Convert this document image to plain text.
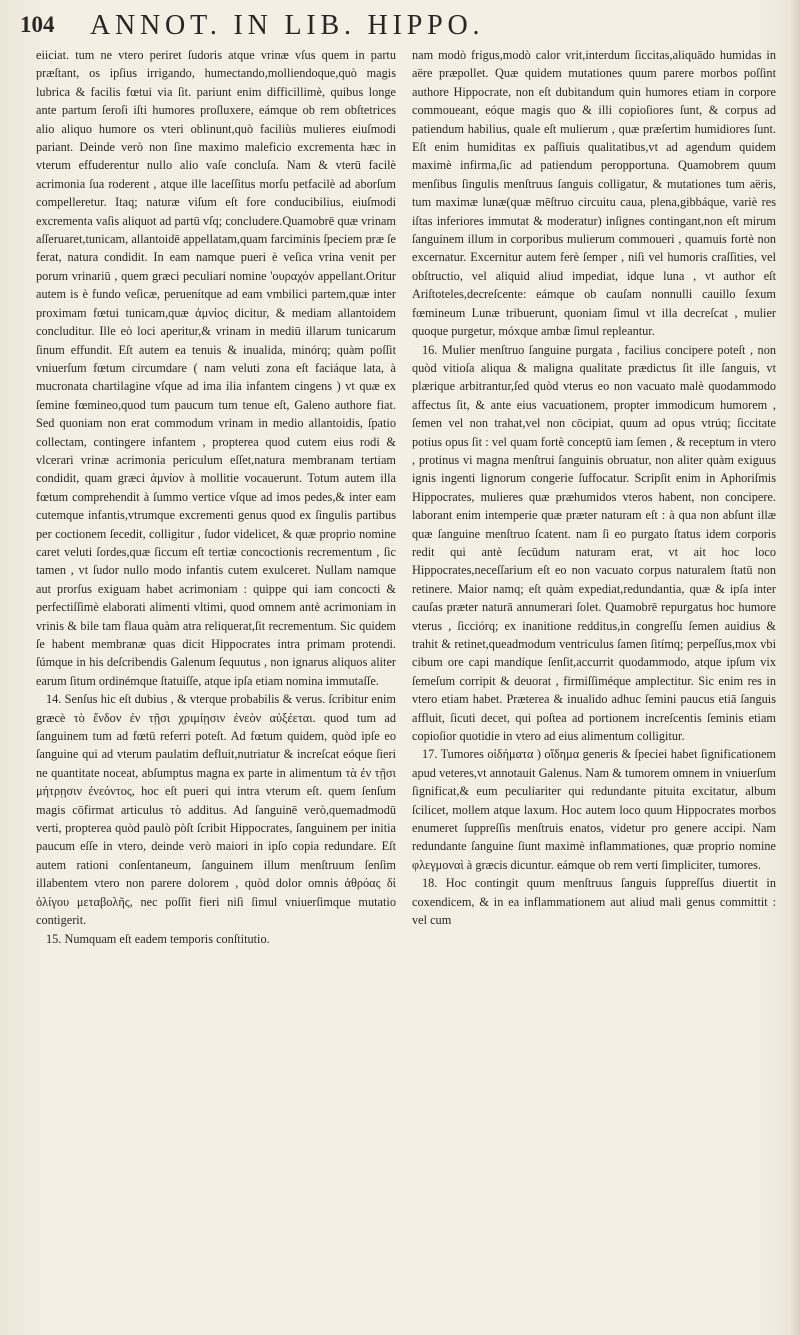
104 ANNOT. IN LIB. HIPPO.

eiiciat. tum ne vtero periret ſudoris atque vrinæ vſus quem in partu præſtant, os ipſius irrigando, humectando,molliendoque,quò magis lubrica & facilis fœtui via ſit. pariunt enim difficillimè, quibus longe ante partum ſeroſi iſti humores proſluxere, eámque ob rem obſtetrices alio aliquo humore os vteri oblinunt,quò faciliùs mulieres eiuſmodi pariant. Deinde verò non ſine maximo maleficio excrementa hæc in vterum effuderentur nullo alio vaſe concluſa. Nam & vterū facilè acrimonia ſua roderent , atque ille laceſſitus morſu petfacilè ad aborſum compelleretur. Itaq; naturæ viſum eſt fore conducibilius, eiuſmodi excrementa vaſis aliquot ad partū vſq; concludere.Quamobrē quæ vrinam aſſeruaret,tunicam, allantoidē appellatam,quam farciminis ſpeciem præ ſe ferat, natura condidit. In eam namque pueri è veſica vrina venit per porum vrinariū , quem græci peculiari nomine 'ουραχόν appellant.Oritur autem is è fundo veſicæ, peruenítque ad eam vmbilici partem,quæ inter proximam fœtui tunicam,quæ ἀμνίος dicitur, & mediam allantoidem concluditur. Ille eò loci aperitur,& vrinam in mediū illarum tunicarum ſinum effundit. Eſt autem ea tenuis & inualida, minórq; quàm poſſit vniuerſum fœtum circumdare ( nam veluti zona eſt faciáque lata, à mucronata chartilagine vſque ad ima ilia infantem cingens ) vt quæ ex ſemine fœmineo,quod tum paucum tum tenue eſt, Galeno authore fiat. Sed quoniam non erat commodum vrinam in medio allantoidis, ſpatio collectam, contingere infantem , propterea quod cutem eius rodi & vlcerari vrinæ acrimonia periculum eſſet,natura membranam tertiam condidit, quam græci ἀμνίον à mollitie vocauerunt. Totum autem illa fœtum comprehendit à ſummo vertice vſque ad imos pedes,& inter eam cutemque infantis,vtrumque excrementi genus quod ex ſingulis partibus per coctionem ſecedit, colligitur , ſudor videlicet, & quæ proprio nomine caret veluti ſordes,quæ ſiccum eſt tertiæ concoctionis recrementum , ſic tamen , vt ſudor nullo modo infantis cutem exulceret. Nullam namque aut prorſus exiguam habet acrimoniam : quippe qui iam concocti & perfectiſſimè elaborati alimenti vltimi, quod omnem antè acrimoniam in vrinis & bile tam flaua quàm atra reliquerat,ſit recrementum. Sic quidem ſe habent membranæ quas dicit Hippocrates intra primam protendi. ſúmque in his deſcribendis Galenum ſequutus , non ignarus aliquos aliter earum ſitum ordinémque ſtatuiſſe, atque ipſa etiam nomina immutaſſe.

14. Senſus hic eſt dubius , & vterque probabilis & verus. ſcribitur enim græcè τὸ ἔνδον ἐν τῇσι χριμίῃσιν ἐνεὸν αὐξέεται. quod tum ad ſanguinem tum ad fœtū referri poteſt. Ad fœtum quidem, quòd ipſe eo ſanguine qui ad vterum paulatim defluit,nutriatur & increſcat eóque ſieri ne quantitate noceat, abſumptus magna ex parte in alimentum τὰ ἐν τῇσι μήτρῃσιν ἐνεόντος, hoc eſt pueri qui intra vterum eſt. quem ſenſum magis cōfirmat articulus τὸ additus. Ad ſanguinē verò,quemadmodū verti, propterea quòd paulò pòſt ſcribit Hippocrates, ſanguinem per initia paucum eſſe in vtero, deinde verò maiori in ipſo copia redundare. Eſt autem rationi conſentaneum, ſanguinem illum menſtruum ſenſim illabentem vtero non parere dolorem , quòd dolor omnis ἀθρόας δἰ ὀλίγου μεταβολῆς, nec poſſit fieri niſi ſimul vniuerſimque mutatio contigerit.

15. Numquam eſt eadem temporis conſtitutio.

nam modò frigus,modò calor vrit,interdum ſiccitas,aliquādo humidas in aëre præpollet. Quæ quidem mutationes quum parere morbos poſſint authore Hippocrate, non eſt dubitandum quin humores etiam in corpore commoueant, eóque magis quo & illi copioſiores ſunt, & corpus ad patiendum habilius, quale eſt mulierum , quæ præſertim humidiores ſunt. Eſt enim humiditas ex paſſiuis qualitatibus,vt ad agendum quidem maximè infirma,ſic ad patiendum peropportuna. Quamobrem quum menſibus ſingulis menſtruus ſanguis colligatur, & mutationes tum aëris, tum maximæ lunæ(quæ mēſtruo circuitu caua, plena,gibbáque, variè res iſtas inferiores immutat & moderatur) inſignes contingant,non eſt mirum ſanguinem illum in corporibus mulierum commoueri , quamuis fortè non excernatur. Excernitur autem ferè ſemper , niſi vel humoris craſſities, vel obſtructio, vel aliquid aliud impediat, idque luna , vt author eſt Ariſtoteles,decreſcente: eámque ob cauſam nonnulli cauillo ſexum fœmineum Lunæ tribuerunt, quoniam ſimul vt illa decreſcat , mulier quoque purgetur, móxque ambæ ſimul repleantur.

16. Mulier menſtruo ſanguine purgata , facilius concipere poteſt , non quòd vitioſa aliqua & maligna qualitate prædictus ſit ille ſanguis, vt plærique arbitrantur,ſed quòd vterus eo non vacuato malè quodammodo affectus ſit, & ante eius vacuationem, propter immodicum humorem , ſemen vel non trahat,vel non cōcipiat, quum ad opus vtrúq; ſiccitate potius opus ſit : vel quam fortè conceptū iam ſemen , & receptum in vtero , protinus vi magna menſtrui ſanguinis obruatur, non aliter quàm exiguus ignis ingenti lignorum congerie ſuffocatur. Scripſit enim in Aphoriſmis Hippocrates, mulieres quæ præhumidos vteros habent, non concipere. laborant enim intemperie quæ præter naturam eſt : à qua non abſunt illæ quæ ſanguine menſtruo ſcatent. nam ſi eo purgato ſtatus idem corporis redit qui antè ſecūdum naturam erat, vt ait hoc loco Hippocrates,neceſſarium eſt eo non vacuato corpus naturalem ſtatū non retinere. Maior namq; eſt quàm expediat,redundantia, quæ & ipſa inter cauſas præter naturā annumerari ſolet. Quamobrē repurgatus hoc humore vterus , ſicciórq; ex inanitione redditus,in congreſſu ſemen auidius & trahit & retinet,queadmodum ventriculus ſamen ſitímq; perpeſſus,mox vbi cibum ore capi mandíque ſenſit,accurrit quodammodo, atque ipſum vix ſemeſum corripit & deuorat , firmiſſiméque amplectitur. Sic enim res in vtero etiam habet. Præterea & inualido adhuc ſemini paucus etiā ſanguis affluit, ſicuti decet, qui poſtea ad portionem increſcentis ſeminis etiam copioſior quotidie in vtero ad eius alimentum colligitur.

17. Tumores οἰδήματα ) οἴδημα generis & ſpeciei habet ſignificationem apud veteres,vt annotauit Galenus. Nam & tumorem omnem in vniuerſum ſignificat,& eum peculiariter qui redundante pituita excitatur, album ſcilicet, mollem atque laxum. Hoc autem loco quum Hippocrates morbos enumeret ſuppreſſis menſtruis enatos, videtur pro genere accipi. Nam redundante ſanguine ſiunt maximè inflammationes, quæ proprio nomine φλεγμοναὶ à græcis dicuntur. eámque ob rem verti ſimpliciter, tumores.

18. Hoc contingit quum menſtruus ſanguis ſuppreſſus diuertit in coxendicem, & in ea inflammationem aut aliud mali genus committit : vel cum
